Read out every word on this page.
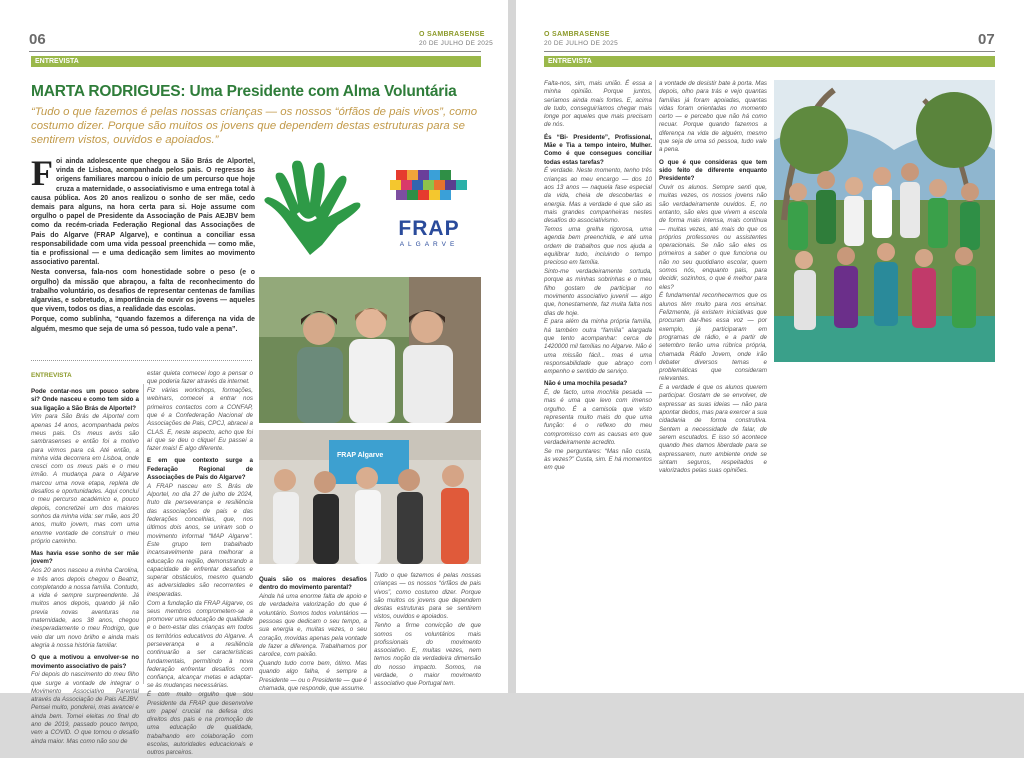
06	O SAMBRASENSE
20 DE JULHO DE 2025
ENTREVISTA
MARTA RODRIGUES: Uma Presidente com Alma Voluntária
“Tudo o que fazemos é pelas nossas crianças — os nossos “órfãos de pais vivos”, como costumo dizer. Porque são muitos os jovens que dependem destas estruturas para se sentirem vistos, ouvidos e apoiados.”
F oi ainda adolescente que chegou a São Brás de Alportel, vinda de Lisboa, acompanhada pelos pais. O regresso às origens familiares marcou o início de um percurso que hoje cruza a maternidade, o associativismo e uma entrega total à causa pública. Aos 20 anos realizou o sonho de ser mãe, cedo demais para alguns, na hora certa para si. Hoje assume com orgulho o papel de Presidente da Associação de Pais AEJBV bem como da recém-criada Federação Regional das Associações de Pais do Algarve (FRAP Algarve), e continua a conciliar essa responsabilidade com uma vida pessoal preenchida — como mãe, tia e profissional — e uma dedicação sem limites ao movimento associativo parental.

Nesta conversa, fala-nos com honestidade sobre o peso (e o orgulho) da missão que abraçou, a falta de reconhecimento do trabalho voluntário, os desafios de representar centenas de famílias algarvias, e sobretudo, a importância de ouvir os jovens — aqueles que vivem, todos os dias, a realidade das escolas.

Porque, como sublinha, “quando fazemos a diferença na vida de alguém, mesmo que seja de uma só pessoa, tudo vale a pena”.

FRAP
ALGARVE
FRAP Algarve
ENTREVISTA

Pode contar-nos um pouco sobre si? Onde nasceu e como tem sido a sua ligação a São Brás de Alportel?

Vim para São Brás de Alportel com apenas 14 anos, acompanhada pelos meus pais. Os meus avós são sambrasenses e então foi a motivo para virmos para cá. Até então, a minha vida decorrera em Lisboa, onde cresci com os meus pais e o meu irmão. A mudança para o Algarve marcou uma nova etapa, repleta de desafios e oportunidades. Aqui concluí o meu percurso académico e, pouco depois, concretizei um dos maiores sonhos da minha vida: ser mãe, aos 20 anos, muito jovem, mas com uma enorme vontade de construir o meu próprio caminho.

Mas havia esse sonho de ser mãe jovem?

Aos 20 anos nasceu a minha Carolina, e três anos depois chegou o Beatriz, completando a nossa família. Contudo, a vida é sempre surpreendente. Já muitos anos depois, quando já não previa novas aventuras na maternidade, aos 38 anos, chegou inesperadamente o meu Rodrigo, que veio dar um novo brilho e ainda mais alegria à nossa história familiar.

O que a motivou a envolver-se no movimento associativo de pais?

Foi depois do nascimento do meu filho que surge a vontade de integrar o Movimento Associativo Parental através da Associação de Pais AEJBV. Pensei muito, ponderei, mas avancei e ainda bem. Tomei eleitas no final do ano de 2019, passado pouco tempo, vem a COVID. O que tornou o desafio ainda maior. Mas como não sou de

estar quieta comecei logo a pensar o que poderia fazer através da internet.

Fiz várias workshops, formações, webinars, comecei a entrar nos primeiros contactos com a CONFAP, que é a Confederação Nacional de Associações de Pais, CPCJ, abracei a CLAS. E, neste aspecto, acho que foi aí que se deu o clique! Eu passei a fazer mais! E algo diferente.

E em que contexto surge a Federação Regional de Associações de Pais do Algarve?

A FRAP nasceu em S. Brás de Alportel, no dia 27 de julho de 2024, fruto da perseverança e resiliência das associações de pais e das federações concelhias, que, nos últimos dois anos, se uniram sob o movimento informal “MAP Algarve”. Este grupo tem trabalhado incansavelmente para melhorar a educação na região, demonstrando a capacidade de enfrentar desafios e superar obstáculos, mesmo quando as adversidades são recorrentes e inesperadas.

Com a fundação da FRAP Algarve, os seus membros comprometem-se a promover uma educação de qualidade e o bem-estar das crianças em todos os territórios educativos do Algarve. A perseverança e a resiliência continuarão a ser características fundamentais, permitindo à nova federação enfrentar desafios com confiança, alcançar metas e adaptar-se às mudanças necessárias.

É com muito orgulho que sou Presidente da FRAP que desenvolve um papel crucial na defesa dos direitos dos pais e na promoção de uma educação de qualidade, trabalhando em colaboração com escolas, autoridades educacionais e outros parceiros.

Quais são os maiores desafios dentro do movimento parental?

Ainda há uma enorme falta de apoio e de verdadeira valorização do que é voluntário. Somos todos voluntários — pessoas que dedicam o seu tempo, a sua energia e, muitas vezes, o seu coração, movidas apenas pela vontade de fazer a diferença. Trabalhamos por carolice, com paixão.

Quando tudo corre bem, ótimo. Mas quando algo falha, é sempre a Presidente — ou o Presidente — que é chamada, que responde, que assume.

Tudo o que fazemos é pelas nossas crianças — os nossos “órfãos de pais vivos”, como costumo dizer. Porque são muitos os jovens que dependem destas estruturas para se sentirem vistos, ouvidos e apoiados.

Tenho a firme convicção de que somos os voluntários mais profissionais do movimento associativo. E, muitas vezes, nem temos noção da verdadeira dimensão do nosso impacto. Somos, na verdade, o maior movimento associativo que Portugal tem.

O SAMBRASENSE
20 DE JULHO DE 2025	07
ENTREVISTA

Falta-nos, sim, mais união. É essa a minha opinião. Porque juntos, seríamos ainda mais fortes. E, acima de tudo, conseguiríamos chegar mais longe por aqueles que mais precisam de nós.

És “Bi- Presidente”, Profissional, Mãe e Tia a tempo inteiro, Mulher. Como é que consegues conciliar todas estas tarefas?

É verdade. Neste momento, tenho três crianças ao meu encargo — dos 10 aos 13 anos — naquela fase especial da vida, cheia de descobertas e energia. Mas a verdade é que são as mais grandes companheiras nestes desafios do associativismo.

Temos uma grelha rigorosa, uma agenda bem preenchida, e até uma ordem de trabalhos que nos ajuda a equilibrar tudo, incluindo o tempo precioso em família.

Sinto-me verdadeiramente sortuda, porque as minhas sobrinhas e o meu filho gostam de participar no movimento associativo juvenil — algo que, honestamente, faz muita falta nos dias de hoje.

E para além da minha própria família, há também outra “família” alargada que tento acompanhar: cerca de 1420000 mil famílias no Algarve. Não é uma missão fácil... mas é uma responsabilidade que abraço com empenho e sentido de serviço.

Não é uma mochila pesada?

É, de facto, uma mochila pesada — mas é uma que levo com imenso orgulho. É a camisola que visto representa muito mais do que uma função: é o reflexo do meu compromisso com as causas em que verdadeiramente acredito.

Se me perguntares: “Mas não custa, às vezes?” Custa, sim. E há momentos em que

a vontade de desistir bate à porta. Mas depois, olho para trás e vejo quantas famílias já foram apoiadas, quantas vidas foram orientadas no momento certo — e percebo que não há como recuar. Porque quando fazemos a diferença na vida de alguém, mesmo que seja de uma só pessoa, tudo vale a pena.

O que é que consideras que tem sido feito de diferente enquanto Presidente?

Ouvir os alunos. Sempre senti que, muitas vezes, os nossos jovens não são verdadeiramente ouvidos. E, no entanto, são eles que vivem a escola de forma mais intensa, mais contínua — muitas vezes, até mais do que os próprios professores ou assistentes operacionais. Se não são eles os primeiros a saber o que funciona ou não no seu quotidiano escolar, quem somos nós, enquanto pais, para decidir, sozinhos, o que é melhor para eles?

É fundamental reconhecermos que os alunos têm muito para nos ensinar. Felizmente, já existem iniciativas que procuram dar-lhes essa voz — por exemplo, já participaram em programas de rádio, e a partir de setembro terão uma rúbrica própria, chamada Rádio Jovem, onde irão debater diversos temas e problemáticas que consideram relevantes.

E a verdade é que os alunos querem participar. Gostam de se envolver, de expressar as suas ideias — não para apontar dedos, mas para exercer a sua cidadania de forma construtiva. Sentem a necessidade de falar, de serem escutados. E isso só acontece quando lhes damos liberdade para se expressarem, num ambiente onde se sintam seguros, respeitados e valorizados pelas suas opiniões.
